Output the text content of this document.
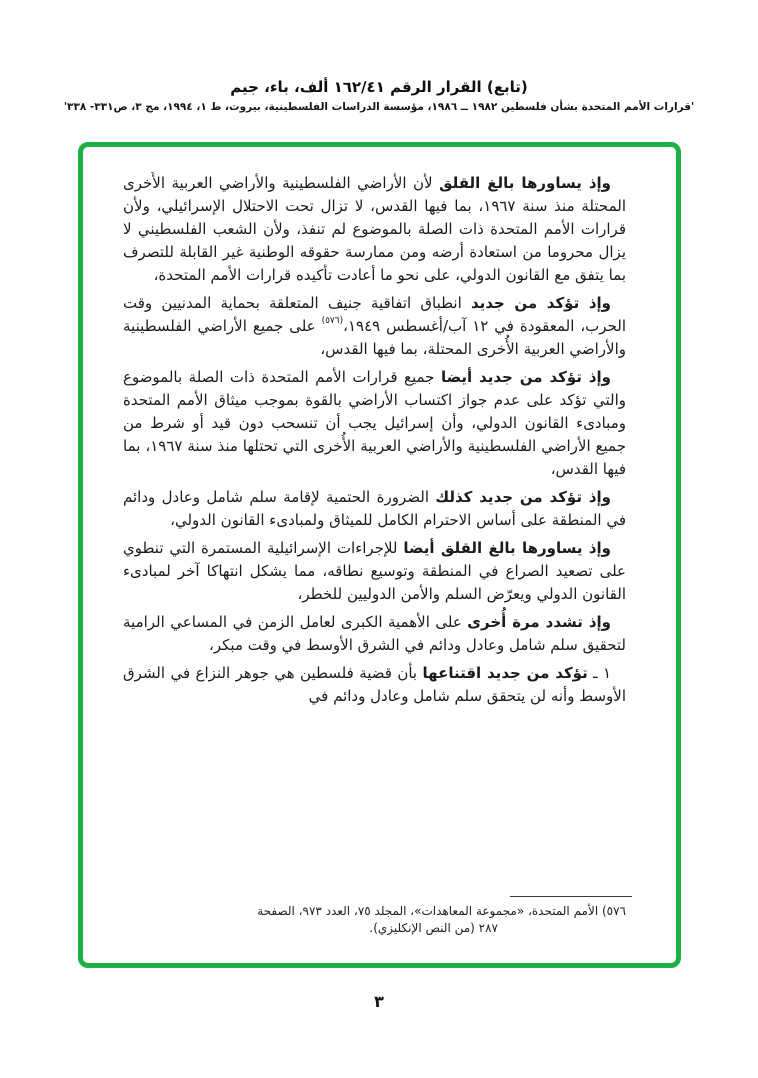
(تابع) القرار الرقم ١٦٢/٤١ ألف، باء، جيم
'قرارات الأمم المتحدة بشأن فلسطين ١٩٨٢ ــ ١٩٨٦، مؤسسة الدراسات الفلسطينية، بيروت، ط ١، ١٩٩٤، مج ٣، ص٣٣١- ٣٣٨'

وإذ يساورها بالغ القلق لأن الأراضي الفلسطينية والأراضي العربية الأُخرى المحتلة منذ سنة ١٩٦٧، بما فيها القدس، لا تزال تحت الاحتلال الإسرائيلي، ولأن قرارات الأمم المتحدة ذات الصلة بالموضوع لم تنفذ، ولأن الشعب الفلسطيني لا يزال محروما من استعادة أرضه ومن ممارسة حقوقه الوطنية غير القابلة للتصرف بما يتفق مع القانون الدولي، على نحو ما أعادت تأكيده قرارات الأمم المتحدة،

وإذ تؤكد من جديد انطباق اتفاقية جنيف المتعلقة بحماية المدنيين وقت الحرب، المعقودة في ١٢ آب/أغسطس ١٩٤٩،$^{(٥٧٦)}$ على جميع الأراضي الفلسطينية والأراضي العربية الأُخرى المحتلة، بما فيها القدس،

وإذ تؤكد من جديد أيضا جميع قرارات الأمم المتحدة ذات الصلة بالموضوع والتي تؤكد على عدم جواز اكتساب الأراضي بالقوة بموجب ميثاق الأمم المتحدة ومبادىء القانون الدولي، وأن إسرائيل يجب أن تنسحب دون قيد أو شرط من جميع الأراضي الفلسطينية والأراضي العربية الأُخرى التي تحتلها منذ سنة ١٩٦٧، بما فيها القدس،

وإذ تؤكد من جديد كذلك الضرورة الحتمية لإقامة سلم شامل وعادل ودائم في المنطقة على أساس الاحترام الكامل للميثاق ولمبادىء القانون الدولي،

وإذ يساورها بالغ القلق أيضا للإجراءات الإسرائيلية المستمرة التي تنطوي على تصعيد الصراع في المنطقة وتوسيع نطاقه، مما يشكل انتهاكا آخر لمبادىء القانون الدولي ويعرّض السلم والأمن الدوليين للخطر،

وإذ تشدد مرة أُخرى على الأهمية الكبرى لعامل الزمن في المساعي الرامية لتحقيق سلم شامل وعادل ودائم في الشرق الأوسط في وقت مبكر،

١ ـ تؤكد من جديد اقتناعها بأن قضية فلسطين هي جوهر النزاع في الشرق الأوسط وأنه لن يتحقق سلم شامل وعادل ودائم في

٥٧٦) الأمم المتحدة، «مجموعة المعاهدات»، المجلد ٧٥، العدد ٩٧٣، الصفحة
٢٨٧ (من النص الإنكليزي).
٣
